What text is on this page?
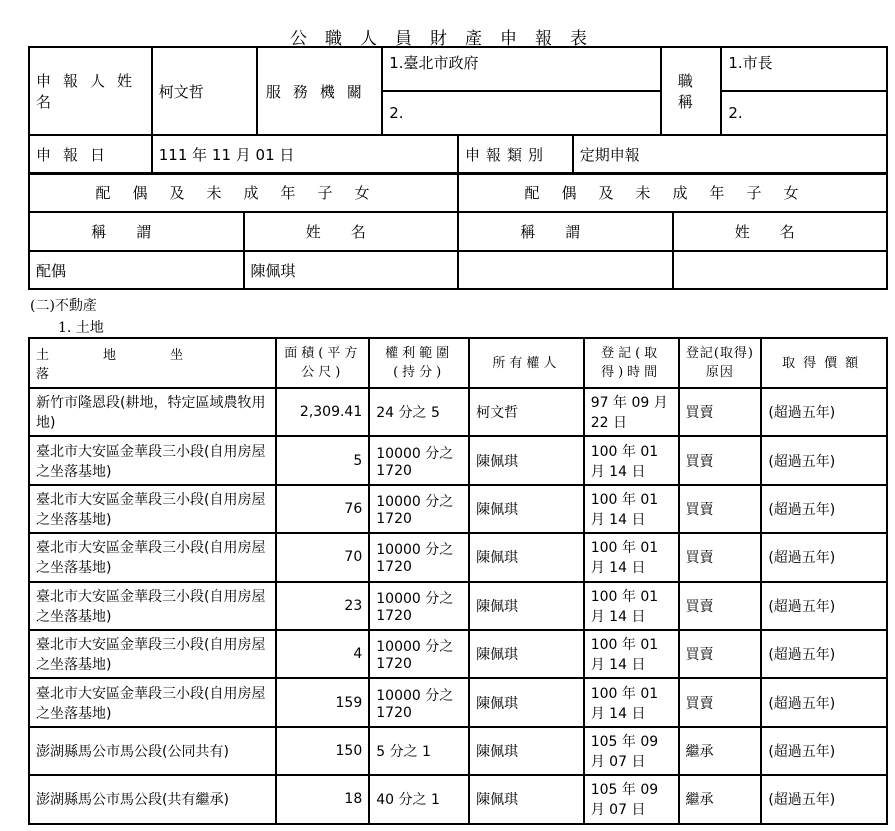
公職人員財產申報表
申報人姓名	柯文哲	服務機關	1.臺北市政府	職稱	1.市長
			2.		2.
申報日	111 年 11 月 01 日	申報類別	定期申報
配偶及未成年子女		配偶及未成年子女	
稱謂	姓名	稱謂	姓名
配偶	陳佩琪		
(二)不動產
1. 土地
土地坐落	面積(平方公尺)	權利範圍(持分)	所有權人	登記(取得)時間	登記(取得)原因	取得價額
新竹市隆恩段(耕地，特定區域農牧用地)	2,309.41	24 分之 5	柯文哲	97 年 09 月 22 日	買賣	(超過五年)
臺北市大安區金華段三小段(自用房屋之坐落基地)	5	10000 分之 1720	陳佩琪	100 年 01 月 14 日	買賣	(超過五年)
臺北市大安區金華段三小段(自用房屋之坐落基地)	76	10000 分之 1720	陳佩琪	100 年 01 月 14 日	買賣	(超過五年)
臺北市大安區金華段三小段(自用房屋之坐落基地)	70	10000 分之 1720	陳佩琪	100 年 01 月 14 日	買賣	(超過五年)
臺北市大安區金華段三小段(自用房屋之坐落基地)	23	10000 分之 1720	陳佩琪	100 年 01 月 14 日	買賣	(超過五年)
臺北市大安區金華段三小段(自用房屋之坐落基地)	4	10000 分之 1720	陳佩琪	100 年 01 月 14 日	買賣	(超過五年)
臺北市大安區金華段三小段(自用房屋之坐落基地)	159	10000 分之 1720	陳佩琪	100 年 01 月 14 日	買賣	(超過五年)
澎湖縣馬公市馬公段(公同共有)	150	5 分之 1	陳佩琪	105 年 09 月 07 日	繼承	(超過五年)
澎湖縣馬公市馬公段(共有繼承)	18	40 分之 1	陳佩琪	105 年 09 月 07 日	繼承	(超過五年)
